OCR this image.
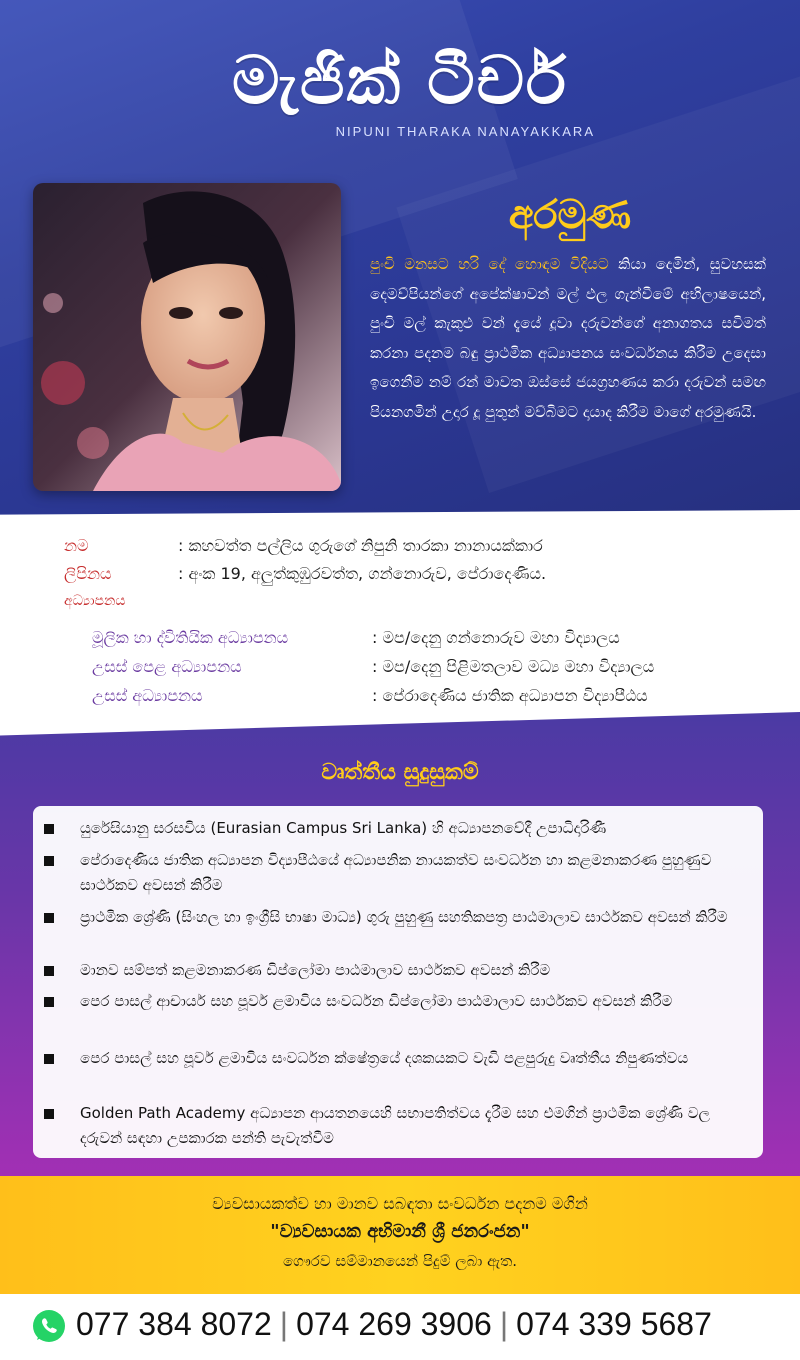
මැජික් ටීචර්
NIPUNI THARAKA NANAYAKKARA
අරමුණ
පුංචි මනසට හරි දේ හොඳම විදියට කියා දෙමින්, සුවහසක් දෙමව්පියන්ගේ අපේක්ෂාවන් මල් ඵල ගැන්වීමේ අභිලාෂයෙන්, පුංචි මල් කැකුළු වන් දැයේ දූවා දරුවන්ගේ අනාගතය සවිමත් කරනා පදනම බඳු ප්‍රාථමික අධ්‍යාපනය සංවර්ධනය කිරීම උදෙසා ඉගෙනීම නම් රන් මාවත ඔස්සේ ජයග්‍රහණය කරා දරුවන් සමඟ පියනගමින් උදාර දූ පුතුන් මව්බිමට දායාද කිරීම මාගේ අරමුණයි.
නම	: කහවත්ත පල්ලිය ගුරුගේ නිපුනි තාරකා නානායක්කාර
ලිපිනය	: අංක 19, අලුත්කුඹුරවත්ත, ගන්නොරුව, පේරාදෙණිය.
අධ්‍යාපනය
මූලික හා ද්විතියික අධ්‍යාපනය	: මප/දෙනු ගන්නොරුව මහා විද්‍යාලය
උසස් පෙළ අධ්‍යාපනය	: මප/දෙනු පිළිමතලාව මධ්‍ය මහා විද්‍යාලය
උසස් අධ්‍යාපනය	: පේරාදෙණිය ජාතික අධ්‍යාපන විද්‍යාපීඨය
වෘත්තීය සුදුසුකම්
යුරේසියානු සරසවිය (Eurasian Campus Sri Lanka) හි අධ්‍යාපනවේදී උපාධිදාරිණී
පේරාදෙණිය ජාතික අධ්‍යාපන විද්‍යාපීඨයේ අධ්‍යාපනික නායකත්ව සංවර්ධන හා කළමනාකරණ පුහුණුව සාර්ථකව අවසන් කිරීම
ප්‍රාථමික ශ්‍රේණි (සිංහල හා ඉංග්‍රීසි භාෂා මාධ්‍ය) ගුරු පුහුණු සහතිකපත්‍ර පාඨමාලාව සාර්ථකව අවසන් කිරීම
මානව සම්පත් කළමනාකරණ ඩිප්ලෝමා පාඨමාලාව සාර්ථකව අවසන් කිරීම
පෙර පාසල් ආචාර්ය සහ පූර්ව ළමාවිය සංවර්ධන ඩිප්ලෝමා පාඨමාලාව සාර්ථකව අවසන් කිරීම
පෙර පාසල් සහ පූර්ව ළමාවිය සංවර්ධන ක්ෂේත්‍රයේ දශකයකට වැඩි පළපුරුදු වෘත්තීය නිපුණත්වය
Golden Path Academy අධ්‍යාපන ආයතනයෙහි සභාපතිත්වය දැරීම සහ එමගින් ප්‍රාථමික ශ්‍රේණි වල දරුවන් සඳහා උපකාරක පන්ති පැවැත්වීම
ව්‍යවසායකත්ව හා මානව සබඳතා සංවර්ධන පදනම මගින්
"ව්‍යවසායක අභිමානී ශ්‍රී ජනරංජන"
ගෞරව සම්මානයෙන් පිදුම් ලබා ඇත.
077 384 8072 | 074 269 3906 | 074 339 5687
